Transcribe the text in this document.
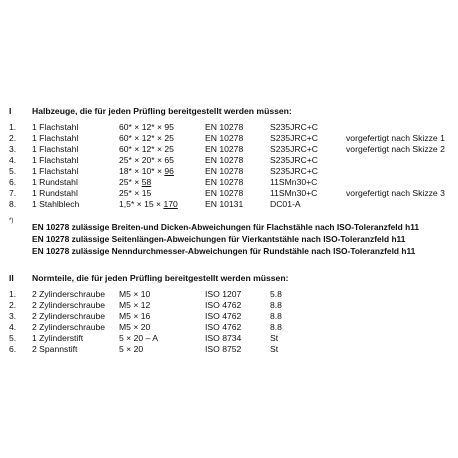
I Halbzeuge, die für jeden Prüfling bereitgestellt werden müssen:
1. 1 Flachstahl	60* × 12* × 95	EN 10278	S235JRC+C
2. 1 Flachstahl	60* × 12* × 25	EN 10278	S235JRC+C	vorgefertigt nach Skizze 1
3. 1 Flachstahl	60* × 12* × 25	EN 10278	S235JRC+C	vorgefertigt nach Skizze 2
4. 1 Flachstahl	25* × 20* × 65	EN 10278	S235JRC+C
5. 1 Flachstahl	18* × 10* × 96	EN 10278	S235JRC+C
6. 1 Rundstahl	25* × 58	EN 10278	11SMn30+C
7. 1 Rundstahl	25* × 15	EN 10278	11SMn30+C	vorgefertigt nach Skizze 3
8. 1 Stahlblech	1,5* × 15 × 170	EN 10131	DC01-A
*)
EN 10278 zulässige Breiten-und Dicken-Abweichungen für Flachstähle nach ISO-Toleranzfeld h11
EN 10278 zulässige Seitenlängen-Abweichungen für Vierkantstähle nach ISO-Toleranzfeld h11
EN 10278 zulässige Nenndurchmesser-Abweichungen für Rundstähle nach ISO-Toleranzfeld h11
II Normteile, die für jeden Prüfling bereitgestellt werden müssen:
1. 2 Zylinderschraube M5 × 10	ISO 1207	5.8
2. 2 Zylinderschraube M5 × 12	ISO 4762	8.8
3. 2 Zylinderschraube M5 × 16	ISO 4762	8.8
4. 2 Zylinderschraube M5 × 20	ISO 4762	8.8
5. 1 Zylinderstift	5 × 20 – A	ISO 8734	St
6. 2 Spannstift	5 × 20	ISO 8752	St
